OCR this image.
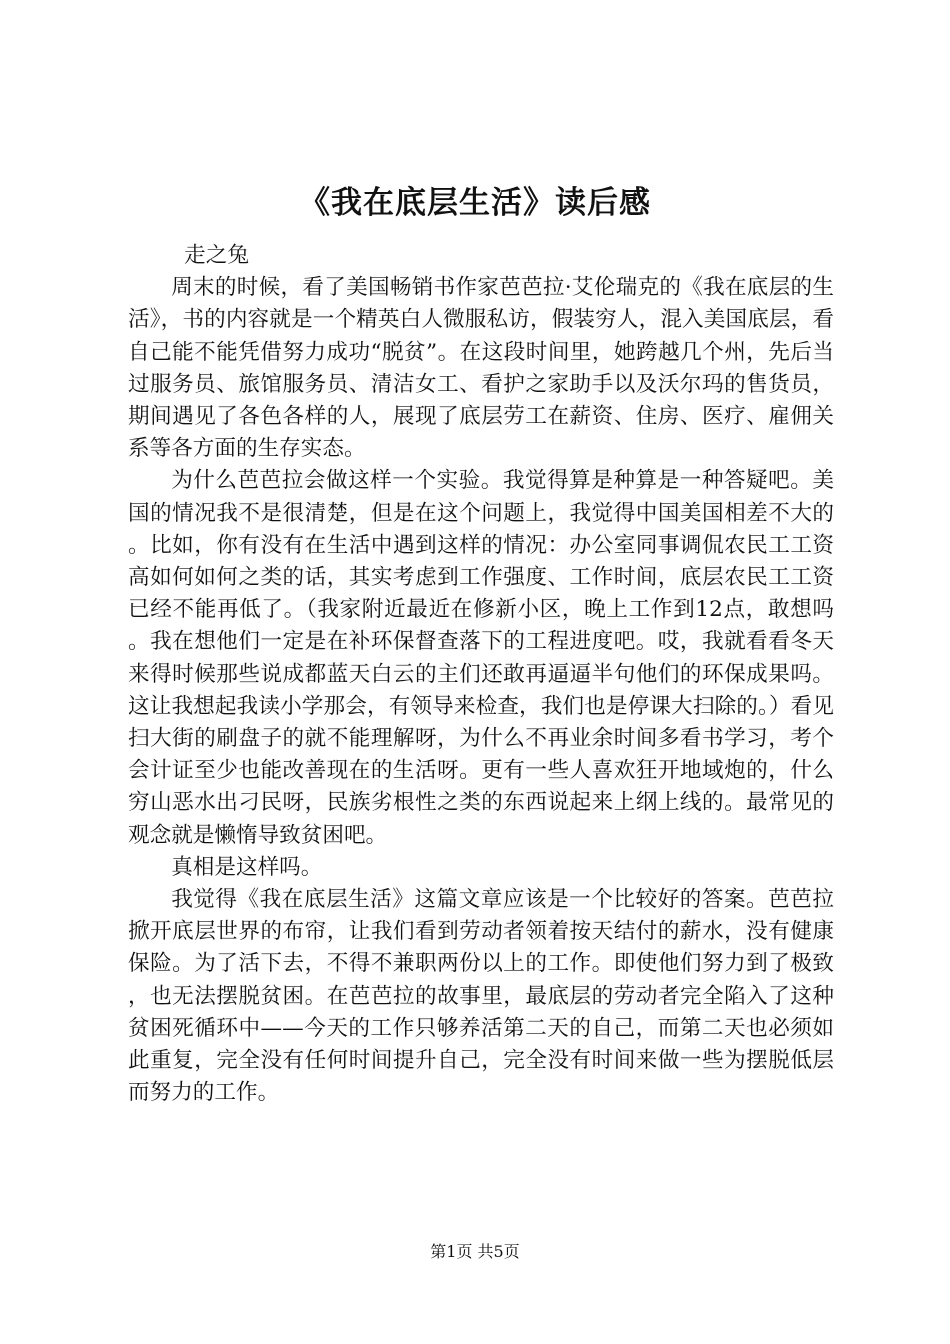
《我在底层生活》读后感

走之兔

周末的时候，看了美国畅销书作家芭芭拉·艾伦瑞克的《我在底层的生活》，书的内容就是一个精英白人微服私访，假装穷人，混入美国底层，看自己能不能凭借努力成功“脱贫”。在这段时间里，她跨越几个州，先后当过服务员、旅馆服务员、清洁女工、看护之家助手以及沃尔玛的售货员，期间遇见了各色各样的人，展现了底层劳工在薪资、住房、医疗、雇佣关系等各方面的生存实态。

为什么芭芭拉会做这样一个实验。我觉得算是种算是一种答疑吧。美国的情况我不是很清楚，但是在这个问题上，我觉得中国美国相差不大的。比如，你有没有在生活中遇到这样的情况：办公室同事调侃农民工工资高如何如何之类的话，其实考虑到工作强度、工作时间，底层农民工工资已经不能再低了。（我家附近最近在修新小区，晚上工作到12点，敢想吗。我在想他们一定是在补环保督查落下的工程进度吧。哎，我就看看冬天来得时候那些说成都蓝天白云的主们还敢再逼逼半句他们的环保成果吗。这让我想起我读小学那会，有领导来检查，我们也是停课大扫除的。）看见扫大街的刷盘子的就不能理解呀，为什么不再业余时间多看书学习，考个会计证至少也能改善现在的生活呀。更有一些人喜欢狂开地域炮的，什么穷山恶水出刁民呀，民族劣根性之类的东西说起来上纲上线的。最常见的观念就是懒惰导致贫困吧。

真相是这样吗。

我觉得《我在底层生活》这篇文章应该是一个比较好的答案。芭芭拉掀开底层世界的布帘，让我们看到劳动者领着按天结付的薪水，没有健康保险。为了活下去，不得不兼职两份以上的工作。即使他们努力到了极致，也无法摆脱贫困。在芭芭拉的故事里，最底层的劳动者完全陷入了这种贫困死循环中——今天的工作只够养活第二天的自己，而第二天也必须如此重复，完全没有任何时间提升自己，完全没有时间来做一些为摆脱低层而努力的工作。

第1页 共5页
